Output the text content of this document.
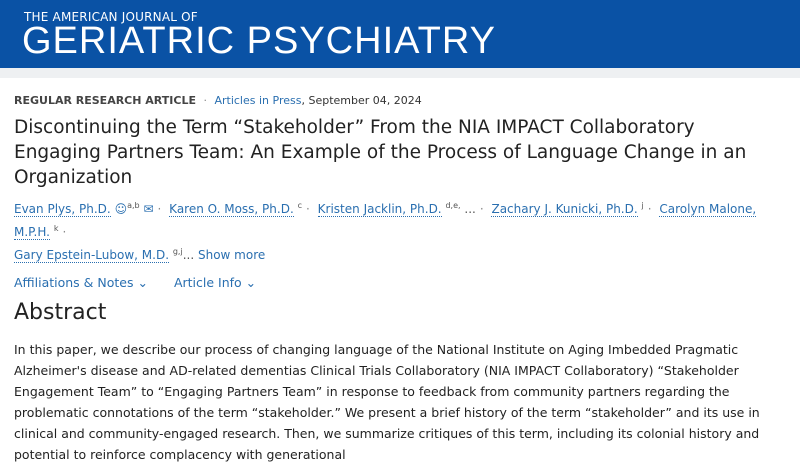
THE AMERICAN JOURNAL OF
GERIATRIC PSYCHIATRY
REGULAR RESEARCH ARTICLE · Articles in Press, September 04, 2024
Discontinuing the Term “Stakeholder” From the NIA IMPACT Collaboratory Engaging Partners Team: An Example of the Process of Language Change in an Organization
Evan Plys, Ph.D. ☺$^{a,b}$ ✉ · Karen O. Moss, Ph.D. $^c$ · Kristen Jacklin, Ph.D. $^{d,e,}$ ... · Zachary J. Kunicki, Ph.D. $^j$ · Carolyn Malone, M.P.H. $^k$ ·
Gary Epstein-Lubow, M.D. $^{g,j}$... Show more
Affiliations & Notes ⌄ Article Info ⌄
Abstract

In this paper, we describe our process of changing language of the National Institute on Aging Imbedded Pragmatic Alzheimer's disease and AD-related dementias Clinical Trials Collaboratory (NIA IMPACT Collaboratory) “Stakeholder Engagement Team” to “Engaging Partners Team” in response to feedback from community partners regarding the problematic connotations of the term “stakeholder.” We present a brief history of the term “stakeholder” and its use in clinical and community-engaged research. Then, we summarize critiques of this term, including its colonial history and potential to reinforce complacency with generational
